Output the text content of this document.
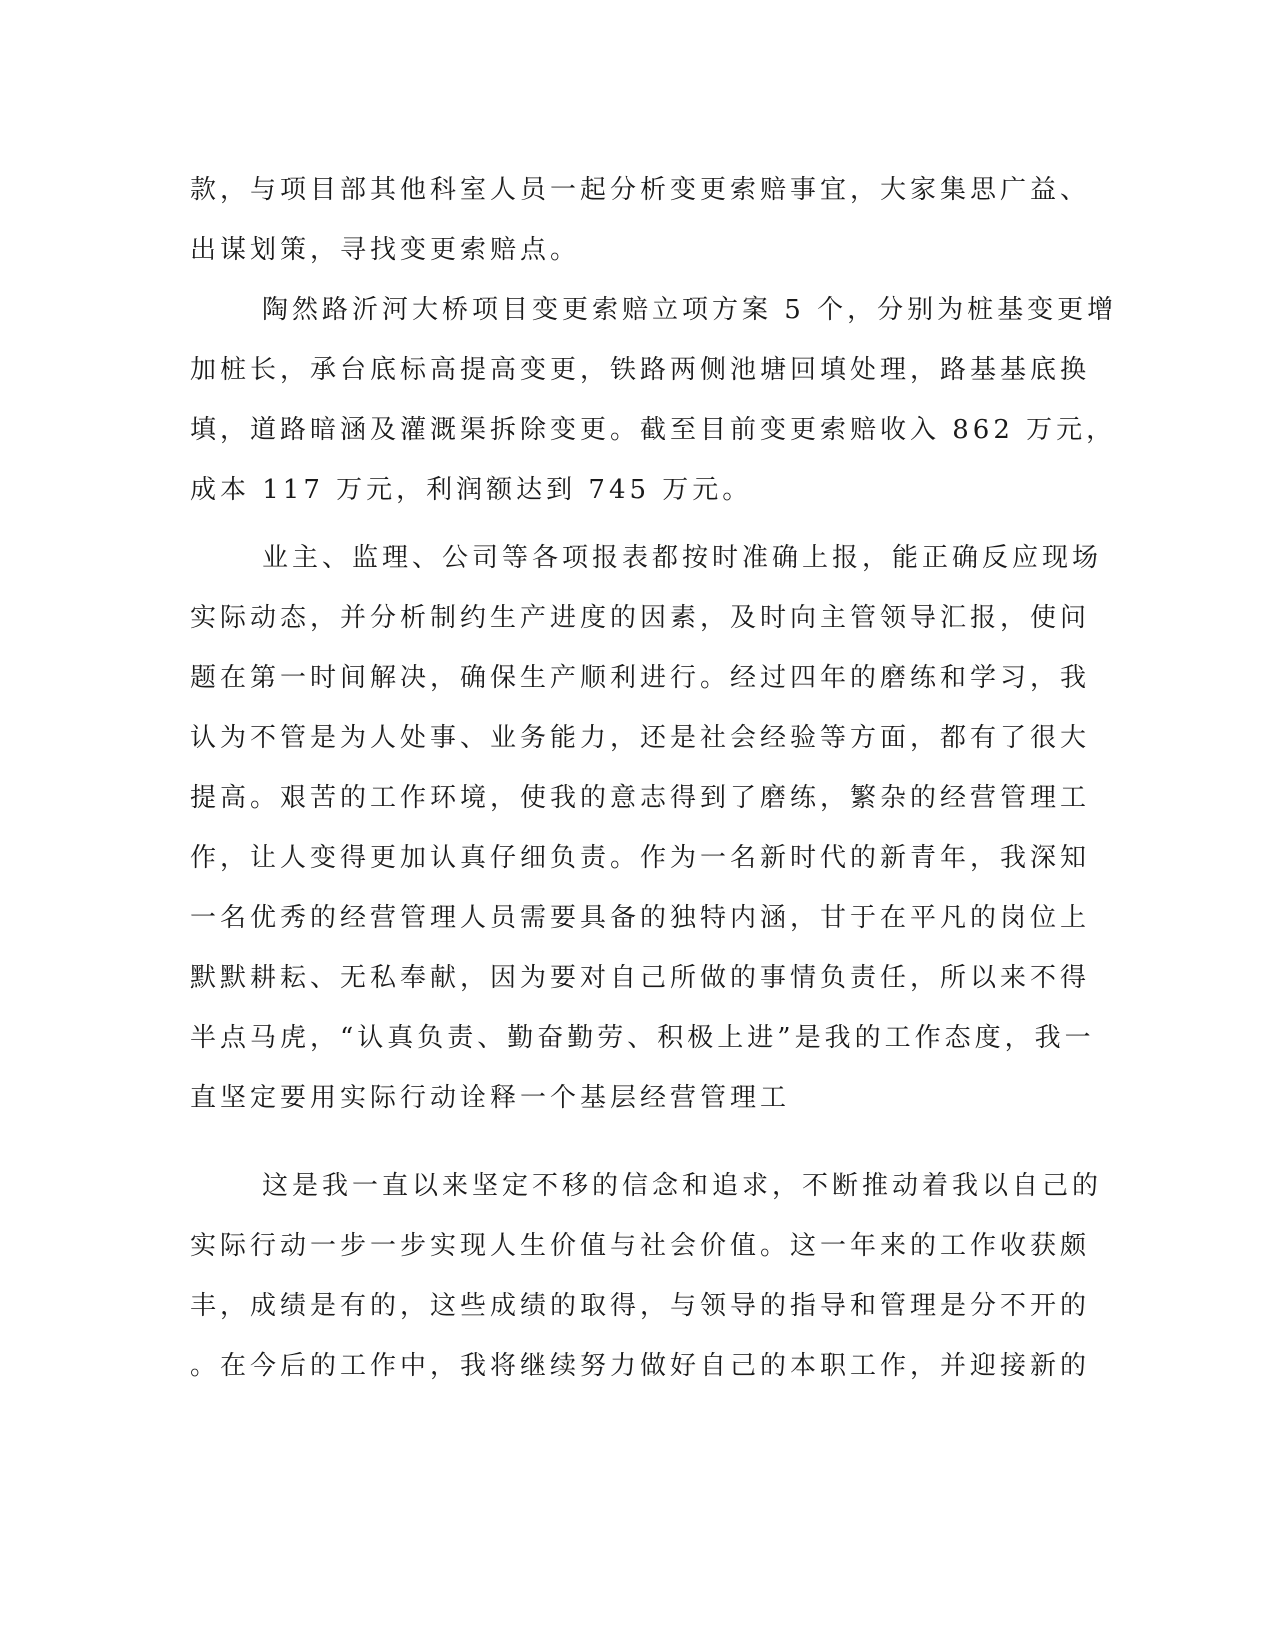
款，与项目部其他科室人员一起分析变更索赔事宜，大家集思广益、
出谋划策，寻找变更索赔点。
陶然路沂河大桥项目变更索赔立项方案 5 个，分别为桩基变更增
加桩长，承台底标高提高变更，铁路两侧池塘回填处理，路基基底换
填，道路暗涵及灌溉渠拆除变更。截至目前变更索赔收入 862 万元，
成本 117 万元，利润额达到 745 万元。
业主、监理、公司等各项报表都按时准确上报，能正确反应现场
实际动态，并分析制约生产进度的因素，及时向主管领导汇报，使问
题在第一时间解决，确保生产顺利进行。经过四年的磨练和学习，我
认为不管是为人处事、业务能力，还是社会经验等方面，都有了很大
提高。艰苦的工作环境，使我的意志得到了磨练，繁杂的经营管理工
作，让人变得更加认真仔细负责。作为一名新时代的新青年，我深知
一名优秀的经营管理人员需要具备的独特内涵，甘于在平凡的岗位上
默默耕耘、无私奉献，因为要对自己所做的事情负责任，所以来不得
半点马虎，“认真负责、勤奋勤劳、积极上进”是我的工作态度，我一
直坚定要用实际行动诠释一个基层经营管理工
这是我一直以来坚定不移的信念和追求，不断推动着我以自己的
实际行动一步一步实现人生价值与社会价值。这一年来的工作收获颇
丰，成绩是有的，这些成绩的取得，与领导的指导和管理是分不开的
。在今后的工作中，我将继续努力做好自己的本职工作，并迎接新的
